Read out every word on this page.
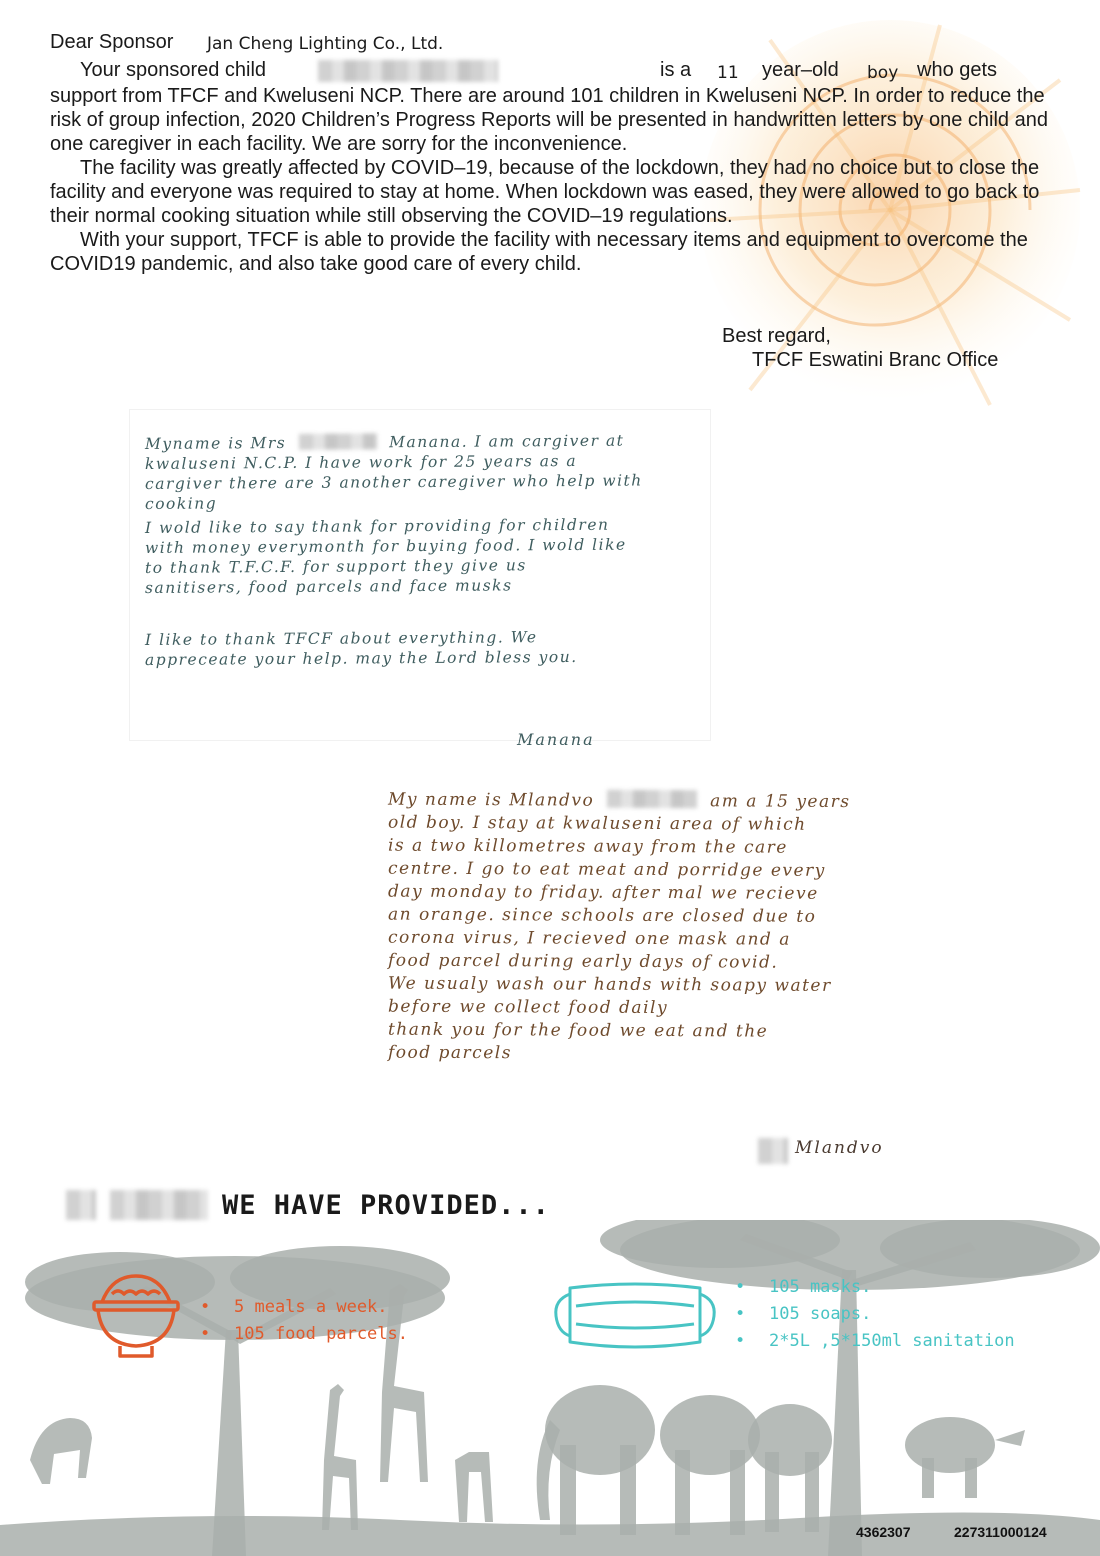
Dear Sponsor Jan Cheng Lighting Co., Ltd.
Your sponsored child	is a 11 year–old boy who gets

support from TFCF and Kweluseni NCP. There are around 101 children in Kweluseni NCP. In order to reduce the risk of group infection, 2020 Children’s Progress Reports will be presented in handwritten letters by one child and one caregiver in each facility. We are sorry for the inconvenience.

The facility was greatly affected by COVID–19, because of the lockdown, they had no choice but to close the facility and everyone was required to stay at home. When lockdown was eased, they were allowed to go back to their normal cooking situation while still observing the COVID–19 regulations.

With your support, TFCF is able to provide the facility with necessary items and equipment to overcome the COVID19 pandemic, and also take good care of every child.

Best regard,
TFCF Eswatini Branc Office
Myname is Mrs	Manana. I am cargiver at
kwaluseni N.C.P. I have work for 25 years as a
cargiver there are 3 another caregiver who help with
cooking
I wold like to say thank for providing for children
with money everymonth for buying food. I wold like
to thank T.F.C.F. for support they give us
sanitisers, food parcels and face musks
I like to thank TFCF about everything. We
appreceate your help. may the Lord bless you.
Manana
My name is Mlandvo	am a 15 years
old boy. I stay at kwaluseni area of which
is a two killometres away from the care
centre. I go to eat meat and porridge every
day monday to friday. after mal we recieve
an orange. since schools are closed due to
corona virus, I recieved one mask and a
food parcel during early days of covid.
We usualy wash our hands with soapy water
before we collect food daily
thank you for the food we eat and the
food parcels
Mlandvo
WE HAVE PROVIDED...
• 5 meals a week.
• 105 food parcels.
• 105 masks.
• 105 soaps.
• 2*5L ,5*150ml sanitation
4362307	227311000124
